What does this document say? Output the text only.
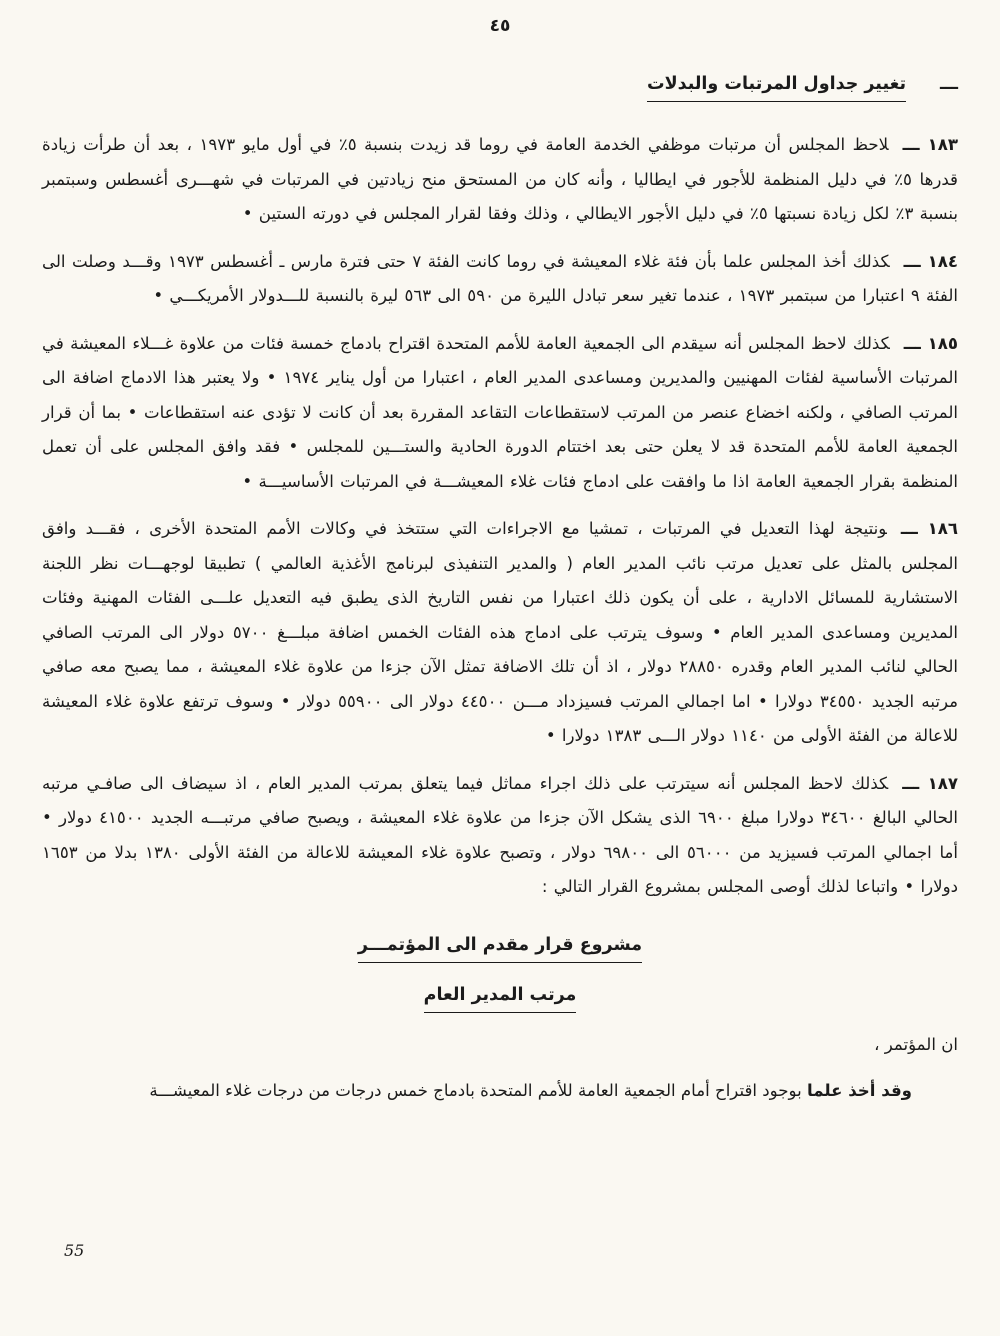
٤٥
ـــ
تغيير جداول المرتبات والبدلات

١٨٣ ـــلاحظ المجلس أن مرتبات موظفي الخدمة العامة في روما قد زيدت بنسبة ٥٪ في أول مايو ١٩٧٣ ، بعد أن طرأت زيادة قدرها ٥٪ في دليل المنظمة للأجور في ايطاليا ، وأنه كان من المستحق منح زيادتين في المرتبات في شهـــرى أغسطس وسبتمبر بنسبة ٣٪ لكل زيادة نسبتها ٥٪ في دليل الأجور الايطالي ، وذلك وفقا لقرار المجلس في دورته الستين •

١٨٤ ـــكذلك أخذ المجلس علما بأن فئة غلاء المعيشة في روما كانت الفئة ٧ حتى فترة مارس ـ أغسطس ١٩٧٣ وقـــد وصلت الى الفئة ٩ اعتبارا من سبتمبر ١٩٧٣ ، عندما تغير سعر تبادل الليرة من ٥٩٠ الى ٥٦٣ ليرة بالنسبة للـــدولار الأمريكـــي •

١٨٥ ـــكذلك لاحظ المجلس أنه سيقدم الى الجمعية العامة للأمم المتحدة اقتراح بادماج خمسة فئات من علاوة غـــلاء المعيشة في المرتبات الأساسية لفئات المهنيين والمديرين ومساعدى المدير العام ، اعتبارا من أول يناير ١٩٧٤ • ولا يعتبر هذا الادماج اضافة الى المرتب الصافي ، ولكنه اخضاع عنصر من المرتب لاستقطاعات التقاعد المقررة بعد أن كانت لا تؤدى عنه استقطاعات • بما أن قرار الجمعية العامة للأمم المتحدة قد لا يعلن حتى بعد اختتام الدورة الحادية والستـــين للمجلس • فقد وافق المجلس على أن تعمل المنظمة بقرار الجمعية العامة اذا ما وافقت على ادماج فئات غلاء المعيشـــة في المرتبات الأساسيـــة •

١٨٦ ـــونتيجة لهذا التعديل في المرتبات ، تمشيا مع الاجراءات التي ستتخذ في وكالات الأمم المتحدة الأخرى ، فقـــد وافق المجلس بالمثل على تعديل مرتب نائب المدير العام ( والمدير التنفيذى لبرنامج الأغذية العالمي ) تطبيقا لوجهـــات نظر اللجنة الاستشارية للمسائل الادارية ، على أن يكون ذلك اعتبارا من نفس التاريخ الذى يطبق فيه التعديل علـــى الفئات المهنية وفئات المديرين ومساعدى المدير العام • وسوف يترتب على ادماج هذه الفئات الخمس اضافة مبلـــغ ٥٧٠٠ دولار الى المرتب الصافي الحالي لنائب المدير العام وقدره ٢٨٨٥٠ دولار ، اذ أن تلك الاضافة تمثل الآن جزءا من علاوة غلاء المعيشة ، مما يصبح معه صافي مرتبه الجديد ٣٤٥٥٠ دولارا • اما اجمالي المرتب فسيزداد مـــن ٤٤٥٠٠ دولار الى ٥٥٩٠٠ دولار • وسوف ترتفع علاوة غلاء المعيشة للاعالة من الفئة الأولى من ١١٤٠ دولار الـــى ١٣٨٣ دولارا •

١٨٧ ـــكذلك لاحظ المجلس أنه سيترتب على ذلك اجراء مماثل فيما يتعلق بمرتب المدير العام ، اذ سيضاف الى صافـي مرتبه الحالي البالغ ٣٤٦٠٠ دولارا مبلغ ٦٩٠٠ الذى يشكل الآن جزءا من علاوة غلاء المعيشة ، ويصبح صافي مرتبـــه الجديد ٤١٥٠٠ دولار • أما اجمالي المرتب فسيزيد من ٥٦٠٠٠ الى ٦٩٨٠٠ دولار ، وتصبح علاوة غلاء المعيشة للاعالة من الفئة الأولى ١٣٨٠ بدلا من ١٦٥٣ دولارا • واتباعا لذلك أوصى المجلس بمشروع القرار التالي :

مشروع قرار مقدم الى المؤتمـــر
مرتب المدير العام
ان المؤتمر ،

وقد أخذ علما بوجود اقتراح أمام الجمعية العامة للأمم المتحدة بادماج خمس درجات من درجات غلاء المعيشـــة

55
